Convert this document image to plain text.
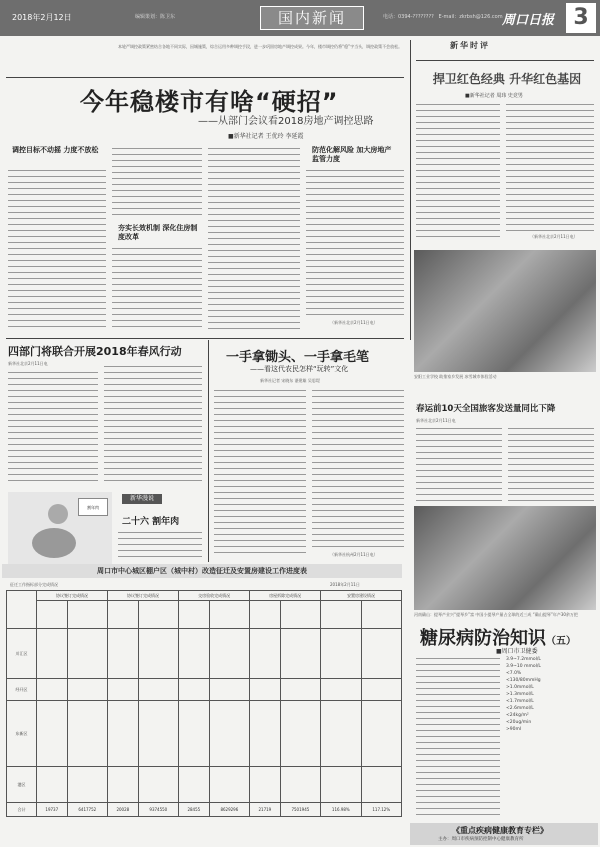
2018年2月12日	编辑策划：陈卫东	国内新闻	电话：0394-???????? E-mail：zkrbsh@126.com 周口日报 3
本轮严调控政策紧密结合各地不同实际，因城施策，综合运用多种调控手段，进一步巩固房地产调控成果。今年，楼市调控仍将“稳”字当头，调控政策不会放松。
今年稳楼市有啥“硬招”
——从部门会议看2018房地产调控思路
■新华社记者 王优玲 李延霞
调控目标不动摇 力度不放松
夯实长效机制 深化住房制度改革
防范化解风险 加大房地产监管力度
（新华社北京2月11日电）
新华时评
捍卫红色经典 升华红色基因
■新华社记者 周玮 史竞男
（新华社北京2月11日电）
安阳工业学校 助推家乡发展 冰雪城市体验活动
春运前10天全国旅客发送量同比下降
新华社北京2月11日电
河南确山：提琴产业兴“提琴乡”富 中国小提琴产量占全球的近三成 “确山提琴”年产30余万把
四部门将联合开展2018年春风行动
新华社北京2月11日电
割年肉
新华漫说
二十六 割年肉
一手拿锄头、一手拿毛笔
——看这代农民怎样“玩转”文化
新华社记者 宋晓东 谌建雄 吴思堤
（新华社杭州2月11日电）
周口市中心城区棚户区（城中村）改造征迁及安置房建设工作进度表
征迁工作指标部分完成情况	2018年2月11日
	协议签订完成情况		协议签订完成情况		交房验收完成情况		房屋拆除完成情况		安置房建设情况	

川汇区										
经开区										
东新区										
港区										
合计	19737	6417752	20028	9374550	28455	8629296	21719	7501945	116.98%	117.12%
糖尿病防治知识（五）
■周口市卫健委
3.9~7.2mmol/L
3.9~10 mmol/L
<7.0%
<130/80mmHg
>1.0mmol/L
>1.3mmol/L
<1.7mmol/L
<2.6mmol/L
<24kg/m²
<20ug/min
>90ml
《重点疾病健康教育专栏》
主办：周口市疾病预防控制中心健康教育所
